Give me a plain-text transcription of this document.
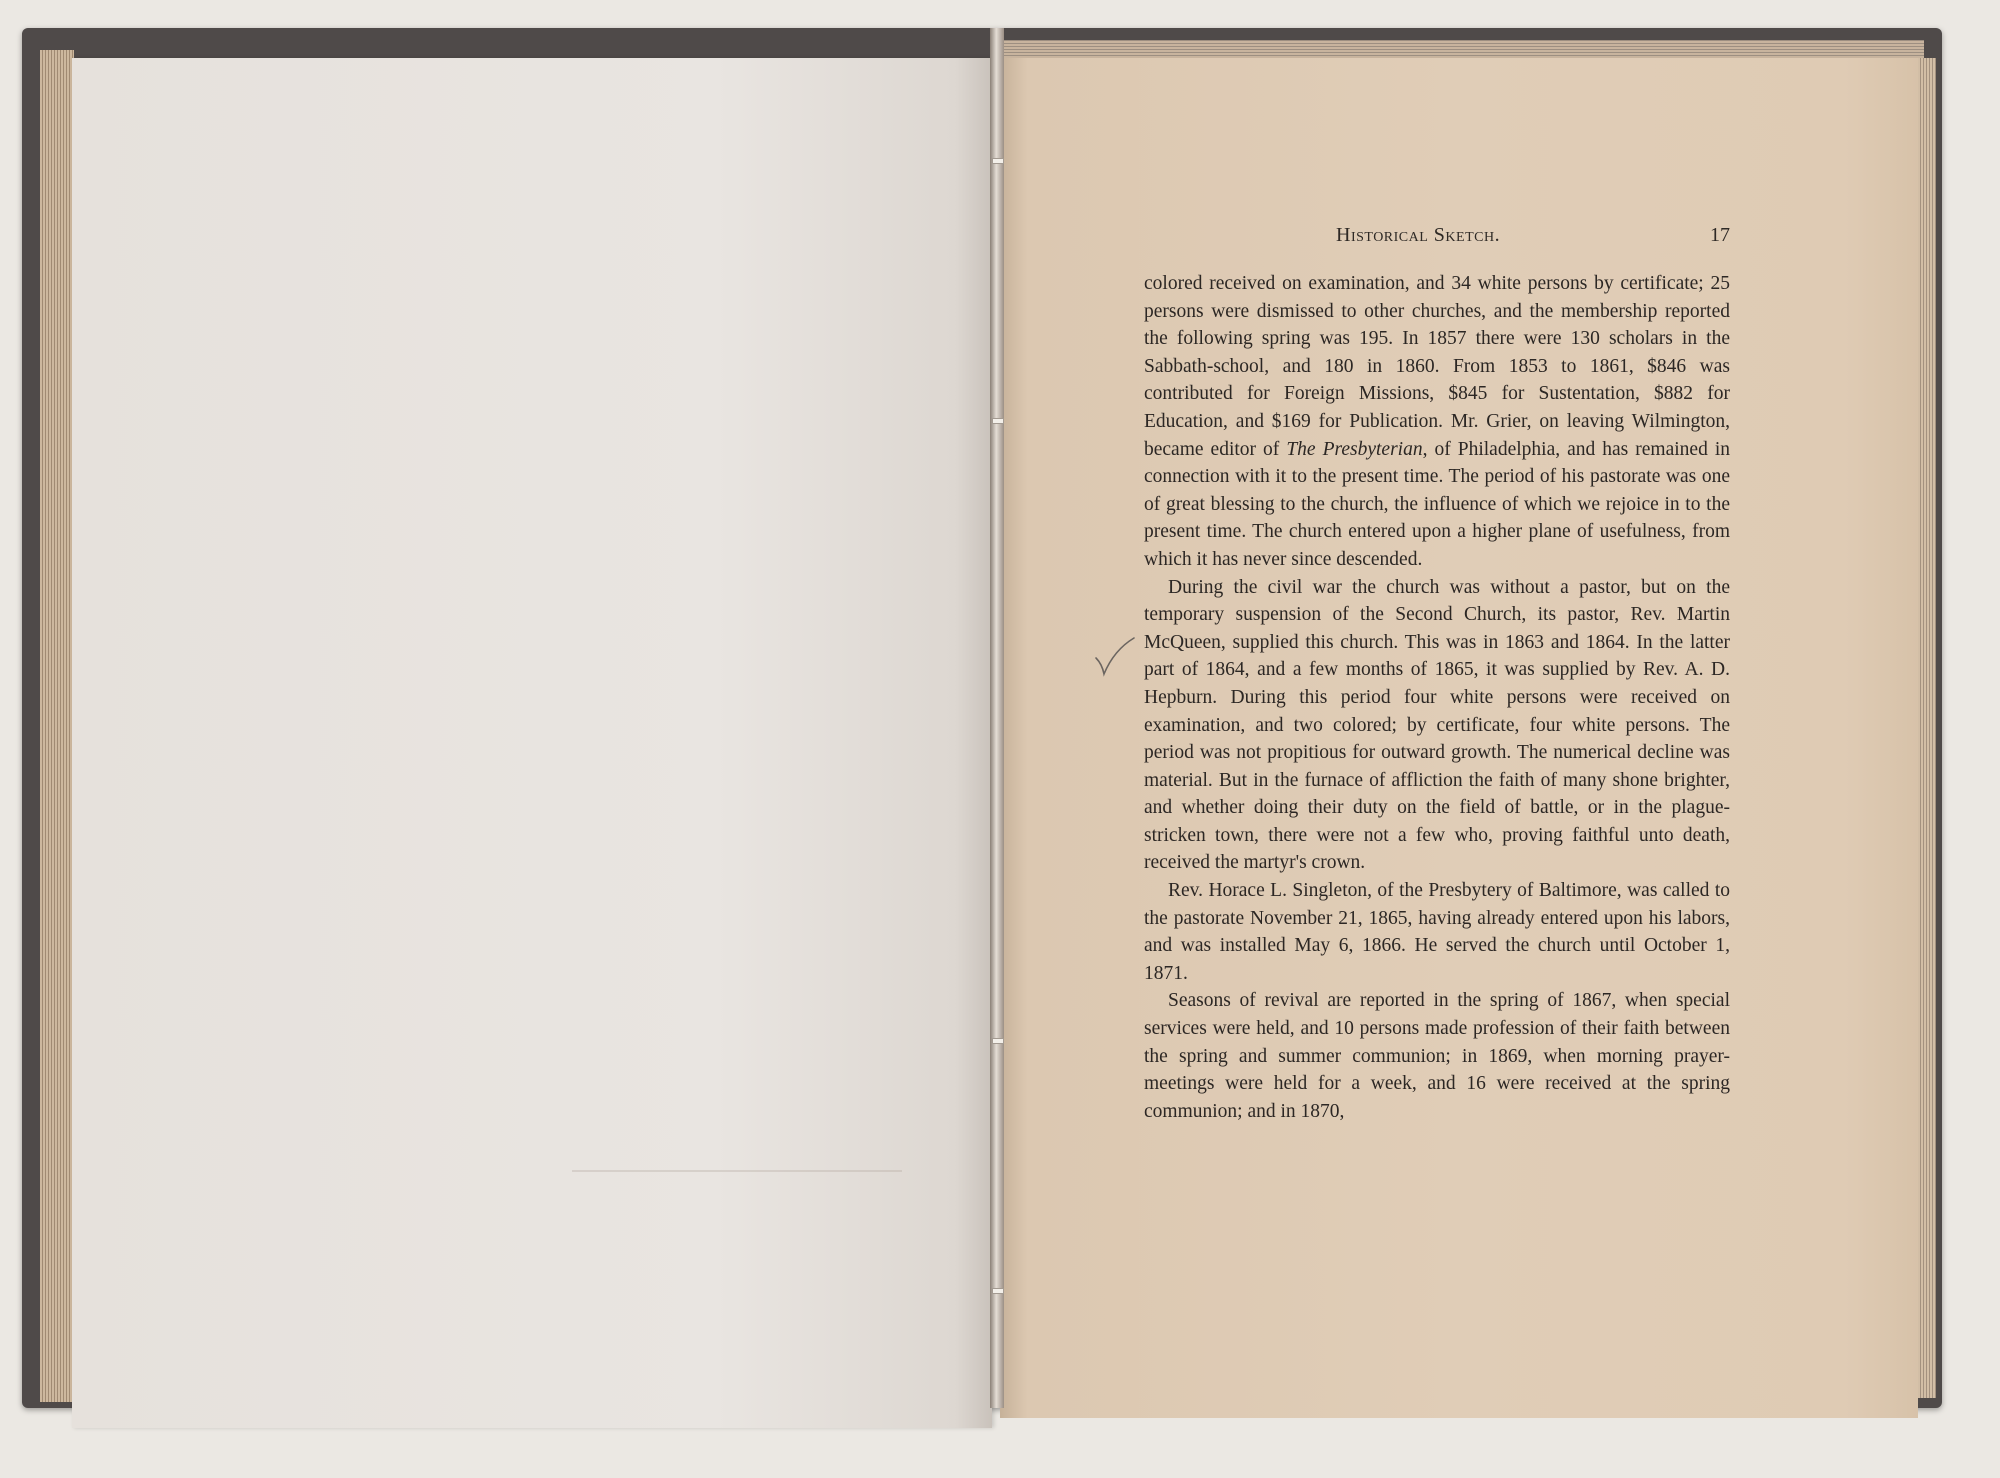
Historical Sketch.	17

colored received on examination, and 34 white persons by certificate; 25 persons were dismissed to other churches, and the membership reported the following spring was 195. In 1857 there were 130 scholars in the Sabbath-school, and 180 in 1860. From 1853 to 1861, $846 was contributed for Foreign Missions, $845 for Sustentation, $882 for Education, and $169 for Publication. Mr. Grier, on leaving Wilmington, became editor of The Presbyterian, of Philadelphia, and has remained in connection with it to the present time. The period of his pastorate was one of great blessing to the church, the influence of which we rejoice in to the present time. The church entered upon a higher plane of usefulness, from which it has never since descended.

During the civil war the church was without a pastor, but on the temporary suspension of the Second Church, its pastor, Rev. Martin McQueen, supplied this church. This was in 1863 and 1864. In the latter part of 1864, and a few months of 1865, it was supplied by Rev. A. D. Hepburn. During this period four white persons were received on examination, and two colored; by certificate, four white persons. The period was not propitious for outward growth. The numerical decline was material. But in the furnace of affliction the faith of many shone brighter, and whether doing their duty on the field of battle, or in the plague-stricken town, there were not a few who, proving faithful unto death, received the martyr's crown.

Rev. Horace L. Singleton, of the Presbytery of Baltimore, was called to the pastorate November 21, 1865, having already entered upon his labors, and was installed May 6, 1866. He served the church until October 1, 1871.

Seasons of revival are reported in the spring of 1867, when special services were held, and 10 persons made profession of their faith between the spring and summer communion; in 1869, when morning prayer-meetings were held for a week, and 16 were received at the spring communion; and in 1870,
